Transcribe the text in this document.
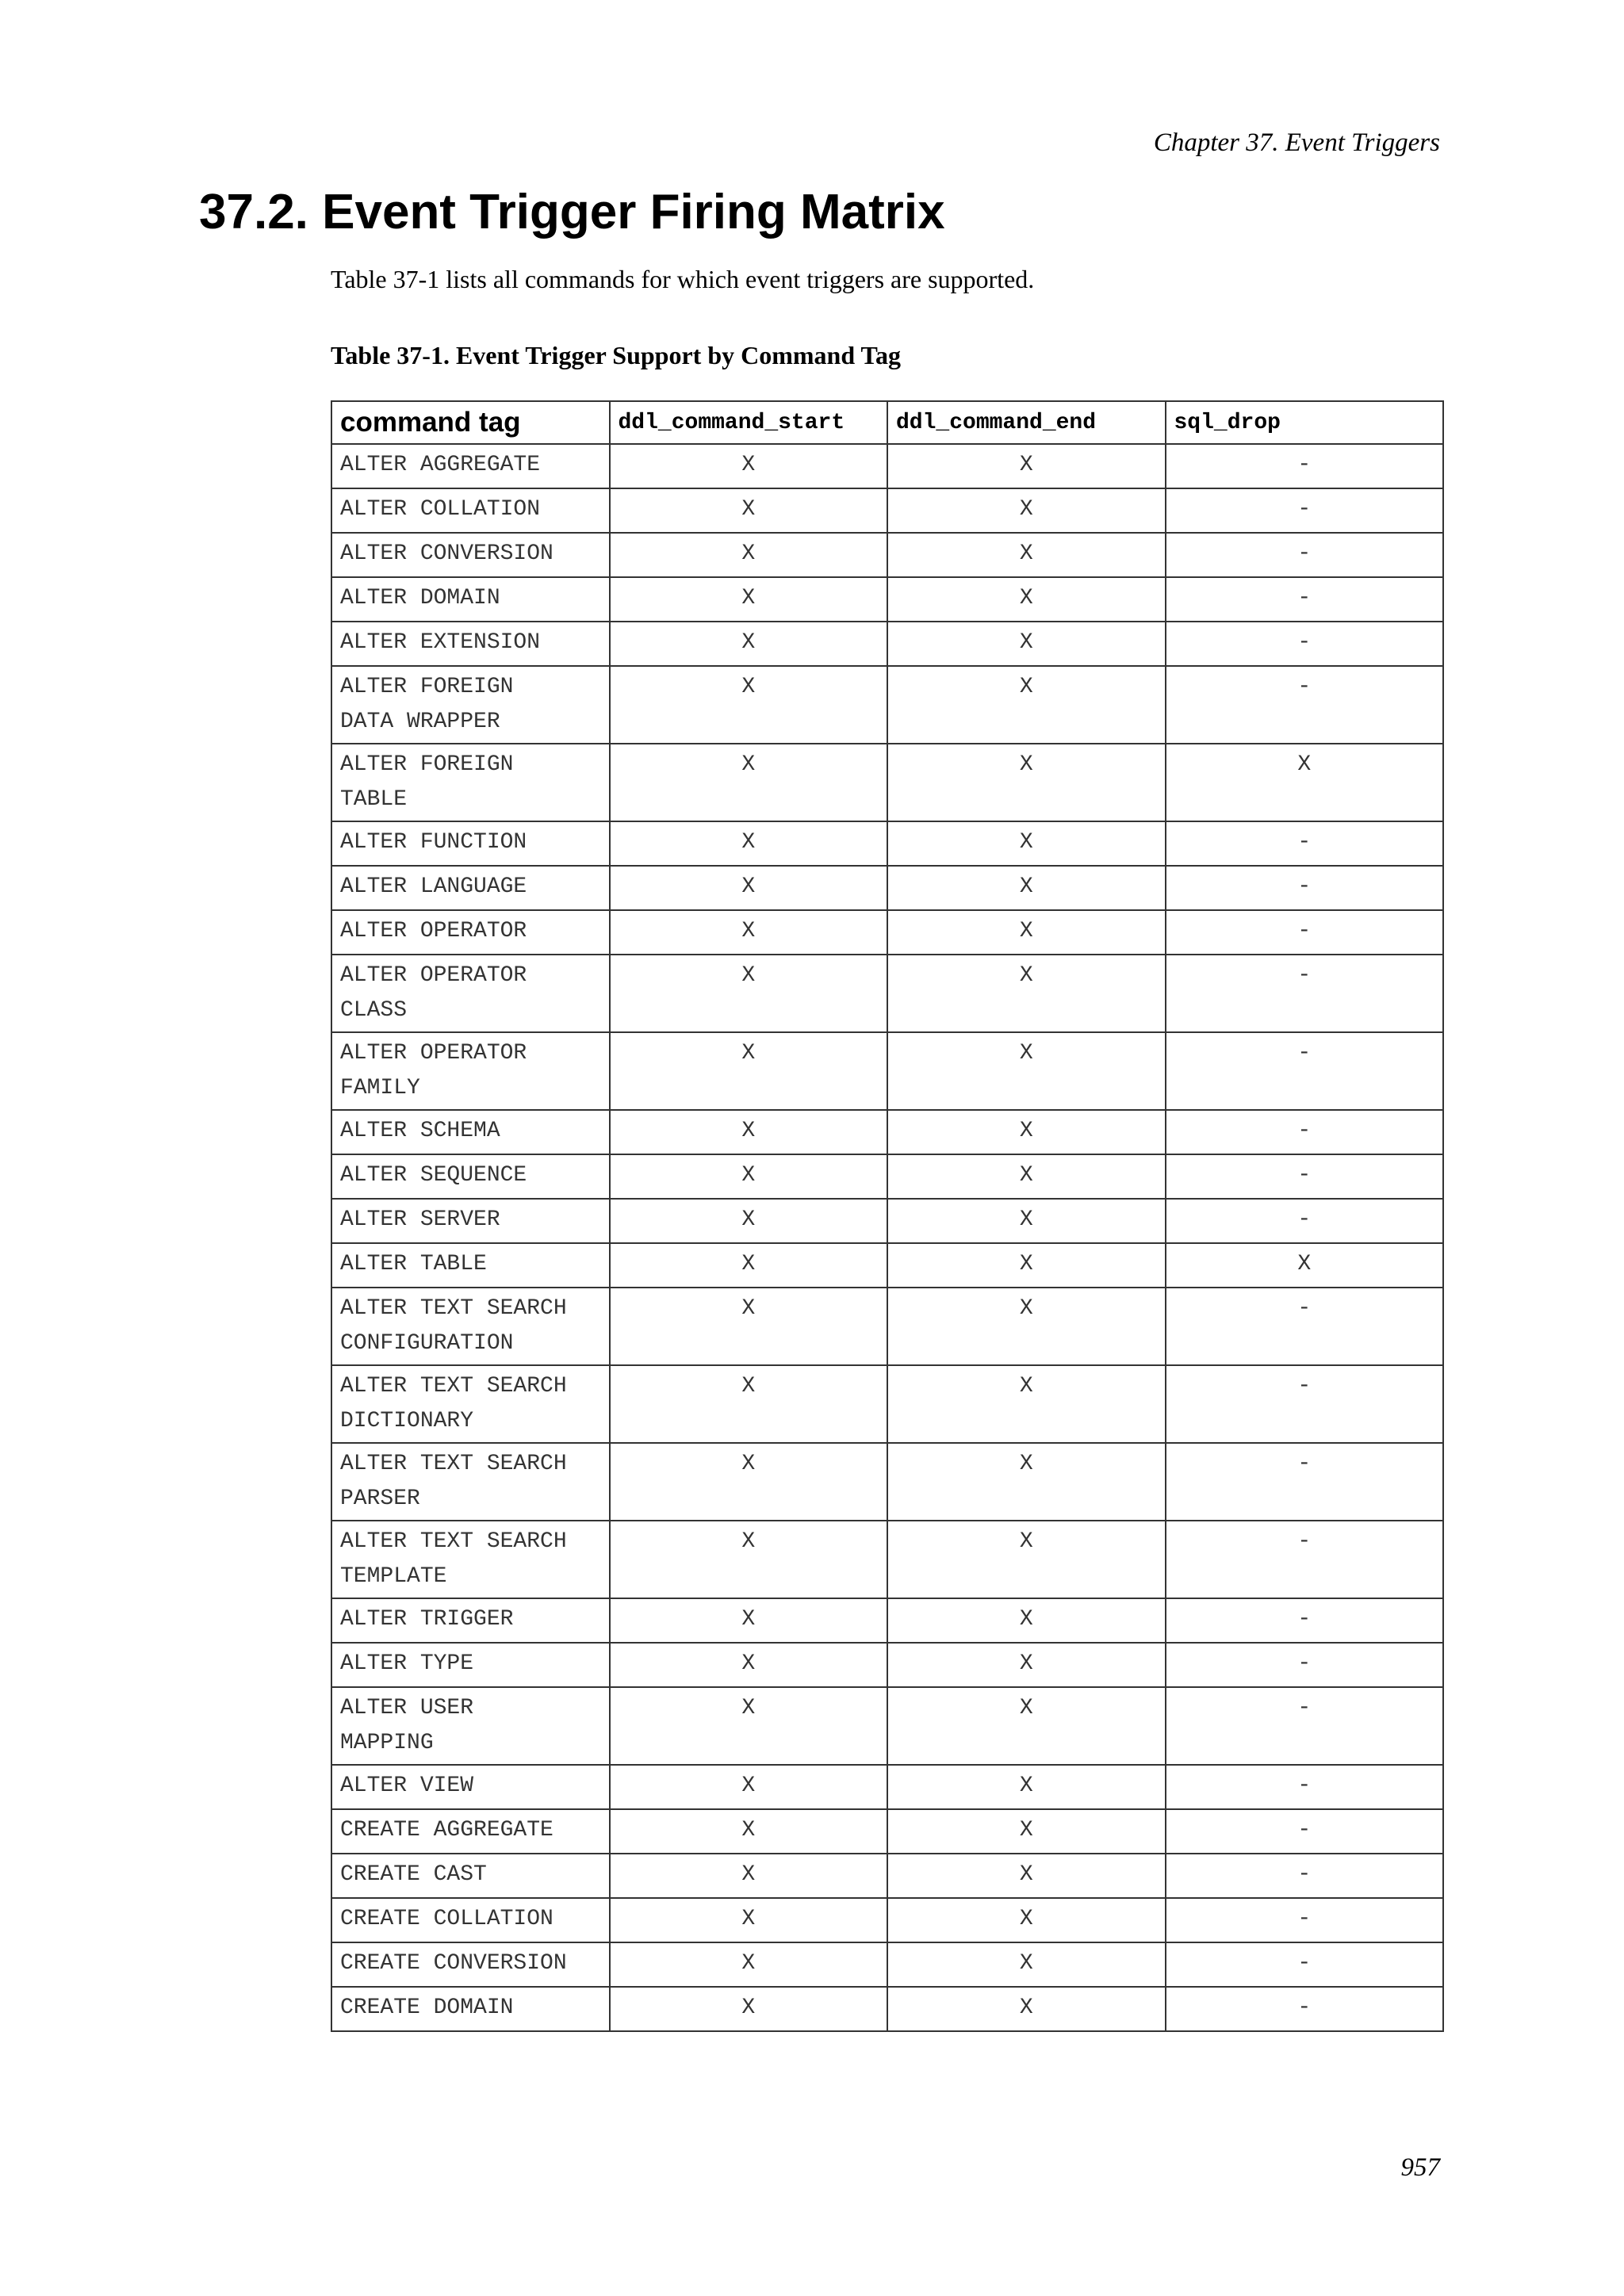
Chapter 37. Event Triggers
37.2. Event Trigger Firing Matrix
Table 37-1 lists all commands for which event triggers are supported.
Table 37-1. Event Trigger Support by Command Tag
command tag	ddl_command_start	ddl_command_end	sql_drop
ALTER AGGREGATE	X	X	-
ALTER COLLATION	X	X	-
ALTER CONVERSION	X	X	-
ALTER DOMAIN	X	X	-
ALTER EXTENSION	X	X	-
ALTER FOREIGN
DATA WRAPPER	X	X	-
ALTER FOREIGN
TABLE	X	X	X
ALTER FUNCTION	X	X	-
ALTER LANGUAGE	X	X	-
ALTER OPERATOR	X	X	-
ALTER OPERATOR
CLASS	X	X	-
ALTER OPERATOR
FAMILY	X	X	-
ALTER SCHEMA	X	X	-
ALTER SEQUENCE	X	X	-
ALTER SERVER	X	X	-
ALTER TABLE	X	X	X
ALTER TEXT SEARCH
CONFIGURATION	X	X	-
ALTER TEXT SEARCH
DICTIONARY	X	X	-
ALTER TEXT SEARCH
PARSER	X	X	-
ALTER TEXT SEARCH
TEMPLATE	X	X	-
ALTER TRIGGER	X	X	-
ALTER TYPE	X	X	-
ALTER USER
MAPPING	X	X	-
ALTER VIEW	X	X	-
CREATE AGGREGATE	X	X	-
CREATE CAST	X	X	-
CREATE COLLATION	X	X	-
CREATE CONVERSION	X	X	-
CREATE DOMAIN	X	X	-
957
